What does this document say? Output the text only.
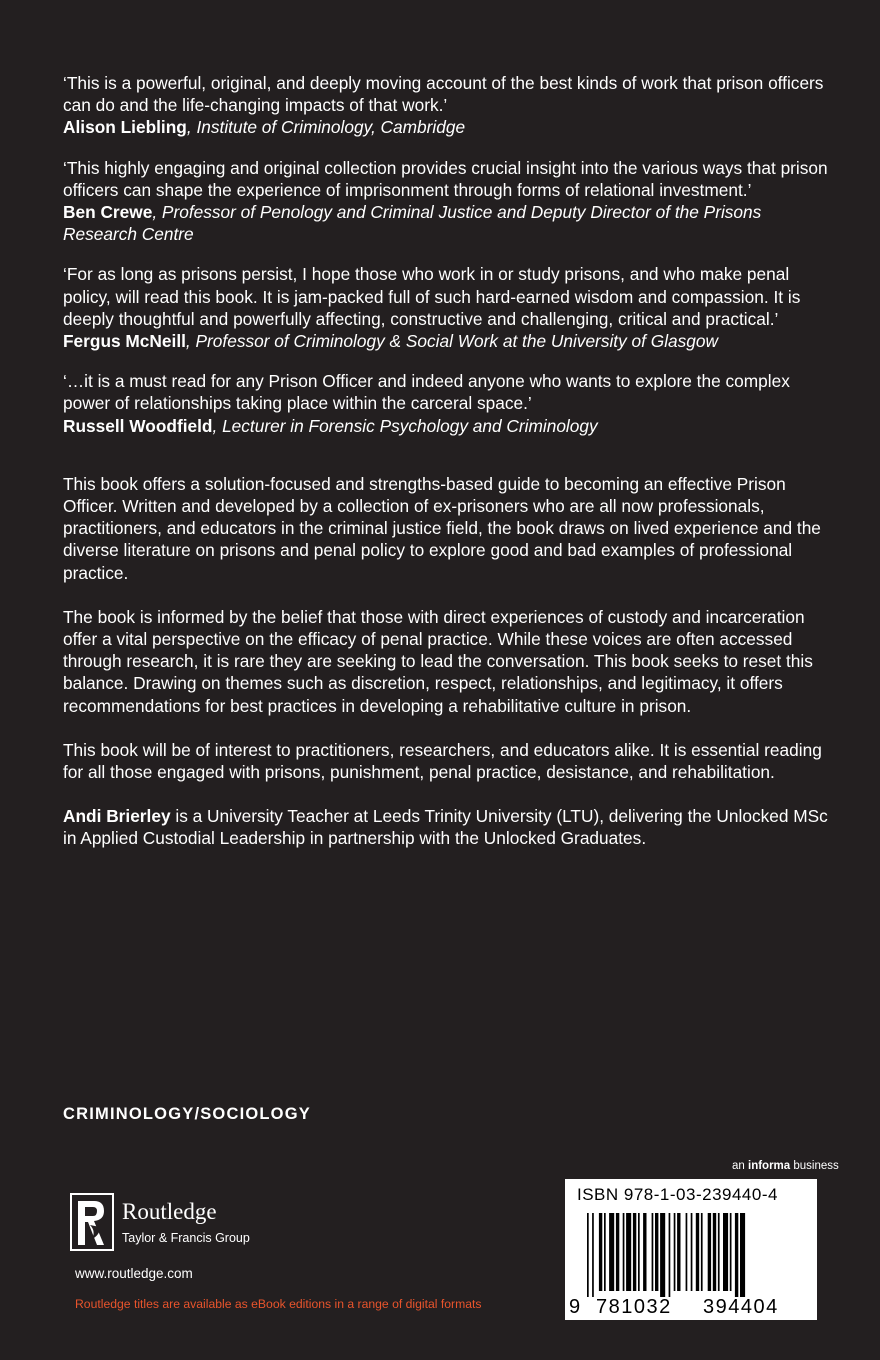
‘This is a powerful, original, and deeply moving account of the best kinds of work that prison officers can do and the life-changing impacts of that work.’

Alison Liebling, Institute of Criminology, Cambridge

‘This highly engaging and original collection provides crucial insight into the various ways that prison officers can shape the experience of imprisonment through forms of relational investment.’

Ben Crewe, Professor of Penology and Criminal Justice and Deputy Director of the Prisons Research Centre

‘For as long as prisons persist, I hope those who work in or study prisons, and who make penal policy, will read this book. It is jam-packed full of such hard-earned wisdom and compassion. It is deeply thoughtful and powerfully affecting, constructive and challenging, critical and practical.’

Fergus McNeill, Professor of Criminology & Social Work at the University of Glasgow

‘…it is a must read for any Prison Officer and indeed anyone who wants to explore the complex power of relationships taking place within the carceral space.’

Russell Woodfield, Lecturer in Forensic Psychology and Criminology

This book offers a solution-focused and strengths-based guide to becoming an effective Prison Officer. Written and developed by a collection of ex-prisoners who are all now professionals, practitioners, and educators in the criminal justice field, the book draws on lived experience and the diverse literature on prisons and penal policy to explore good and bad examples of professional practice.

The book is informed by the belief that those with direct experiences of custody and incarceration offer a vital perspective on the efficacy of penal practice. While these voices are often accessed through research, it is rare they are seeking to lead the conversation. This book seeks to reset this balance. Drawing on themes such as discretion, respect, relationships, and legitimacy, it offers recommendations for best practices in developing a rehabilitative culture in prison.

This book will be of interest to practitioners, researchers, and educators alike. It is essential reading for all those engaged with prisons, punishment, penal practice, desistance, and rehabilitation.

Andi Brierley is a University Teacher at Leeds Trinity University (LTU), delivering the Unlocked MSc in Applied Custodial Leadership in partnership with the Unlocked Graduates.

CRIMINOLOGY/SOCIOLOGY
an informa business
ISBN 978-1-03-239440-4
9 781032 394404
Routledge
Taylor & Francis Group
www.routledge.com
Routledge titles are available as eBook editions in a range of digital formats
